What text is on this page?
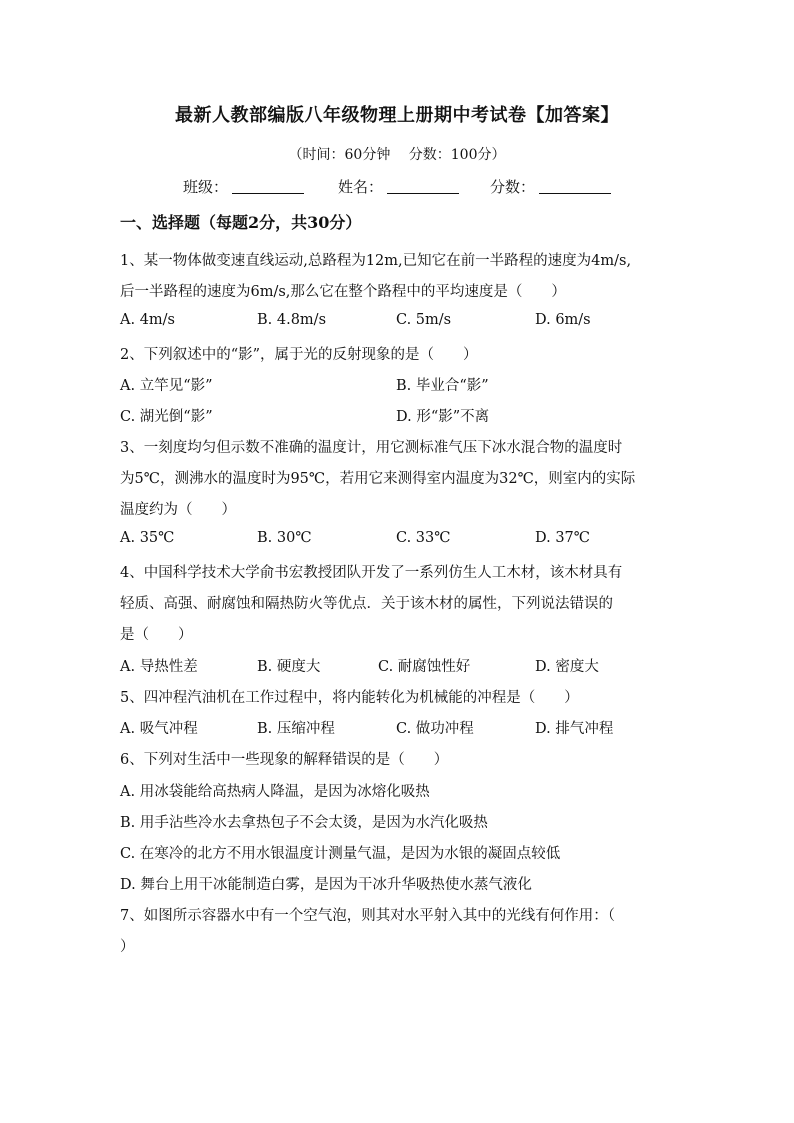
最新人教部编版八年级物理上册期中考试卷【加答案】
（时间：60分钟　 分数：100分）
班级：	姓名：	分数：
一、选择题（每题2分，共30分）
1、某一物体做变速直线运动,总路程为12m,已知它在前一半路程的速度为4m/s,
后一半路程的速度为6m/s,那么它在整个路程中的平均速度是（　　）
A. 4m/s	B. 4.8m/s	C. 5m/s	D. 6m/s
2、下列叙述中的“影”，属于光的反射现象的是（　　）
A. 立竿见“影”	B. 毕业合“影”
C. 湖光倒“影”	D. 形“影”不离
3、一刻度均匀但示数不准确的温度计，用它测标准气压下冰水混合物的温度时
为5℃，测沸水的温度时为95℃，若用它来测得室内温度为32℃，则室内的实际
温度约为（　　）
A. 35℃	B. 30℃	C. 33℃	D. 37℃
4、中国科学技术大学俞书宏教授团队开发了一系列仿生人工木材，该木材具有
轻质、高强、耐腐蚀和隔热防火等优点．关于该木材的属性，下列说法错误的
是（　　）
A. 导热性差	B. 硬度大	C. 耐腐蚀性好	D. 密度大
5、四冲程汽油机在工作过程中，将内能转化为机械能的冲程是（　　）
A. 吸气冲程	B. 压缩冲程	C. 做功冲程	D. 排气冲程
6、下列对生活中一些现象的解释错误的是（　　）
A. 用冰袋能给高热病人降温，是因为冰熔化吸热
B. 用手沾些冷水去拿热包子不会太烫，是因为水汽化吸热
C. 在寒冷的北方不用水银温度计测量气温，是因为水银的凝固点较低
D. 舞台上用干冰能制造白雾，是因为干冰升华吸热使水蒸气液化
7、如图所示容器水中有一个空气泡，则其对水平射入其中的光线有何作用：（
）
